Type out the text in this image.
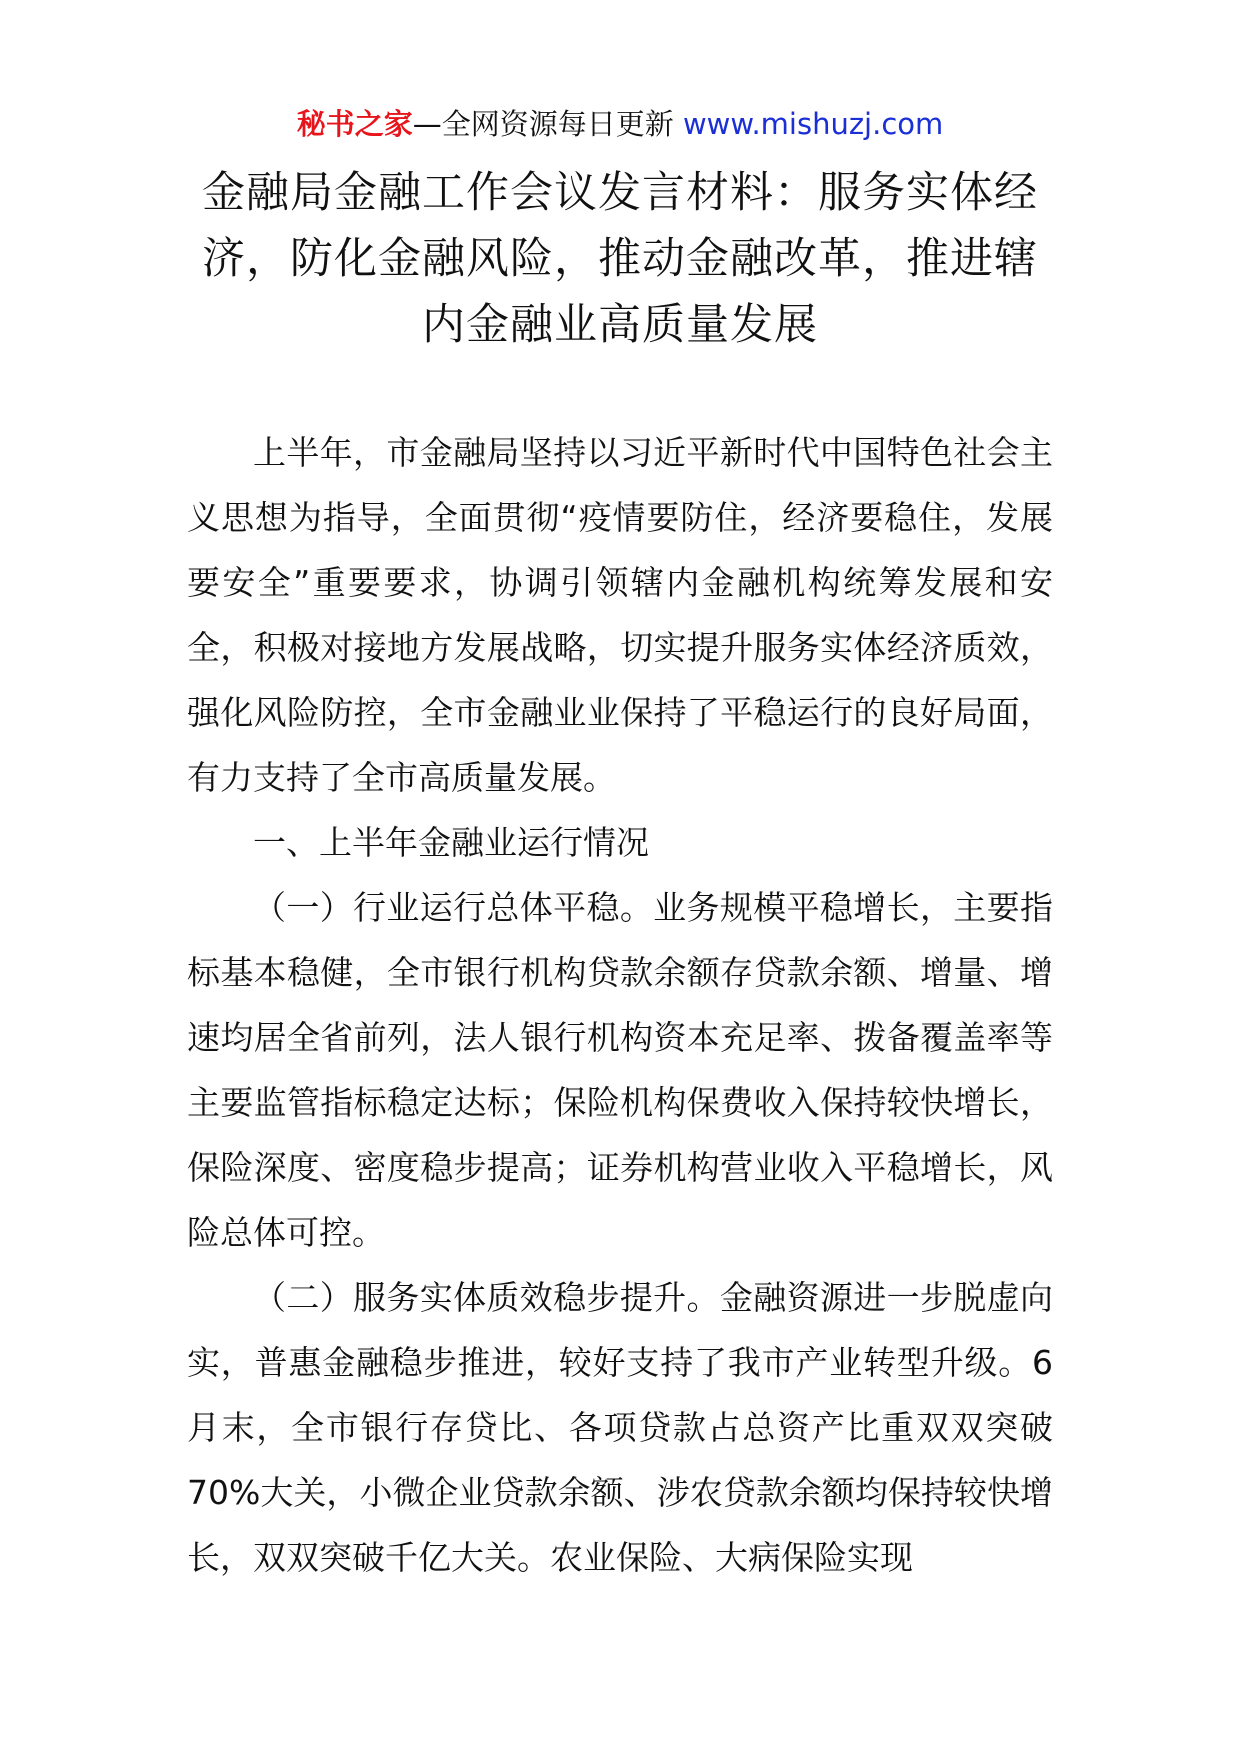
秘书之家—全网资源每日更新 www.mishuzj.com
金融局金融工作会议发言材料：服务实体经济，防化金融风险，推动金融改革，推进辖内金融业高质量发展

上半年，市金融局坚持以习近平新时代中国特色社会主义思想为指导，全面贯彻“疫情要防住，经济要稳住，发展要安全”重要要求，协调引领辖内金融机构统筹发展和安全，积极对接地方发展战略，切实提升服务实体经济质效，强化风险防控，全市金融业业保持了平稳运行的良好局面，有力支持了全市高质量发展。

一、上半年金融业运行情况

（一）行业运行总体平稳。业务规模平稳增长，主要指标基本稳健，全市银行机构贷款余额存贷款余额、增量、增速均居全省前列，法人银行机构资本充足率、拨备覆盖率等主要监管指标稳定达标；保险机构保费收入保持较快增长，保险深度、密度稳步提高；证券机构营业收入平稳增长，风险总体可控。

（二）服务实体质效稳步提升。金融资源进一步脱虚向实，普惠金融稳步推进，较好支持了我市产业转型升级。6月末，全市银行存贷比、各项贷款占总资产比重双双突破70%大关，小微企业贷款余额、涉农贷款余额均保持较快增长，双双突破千亿大关。农业保险、大病保险实现
